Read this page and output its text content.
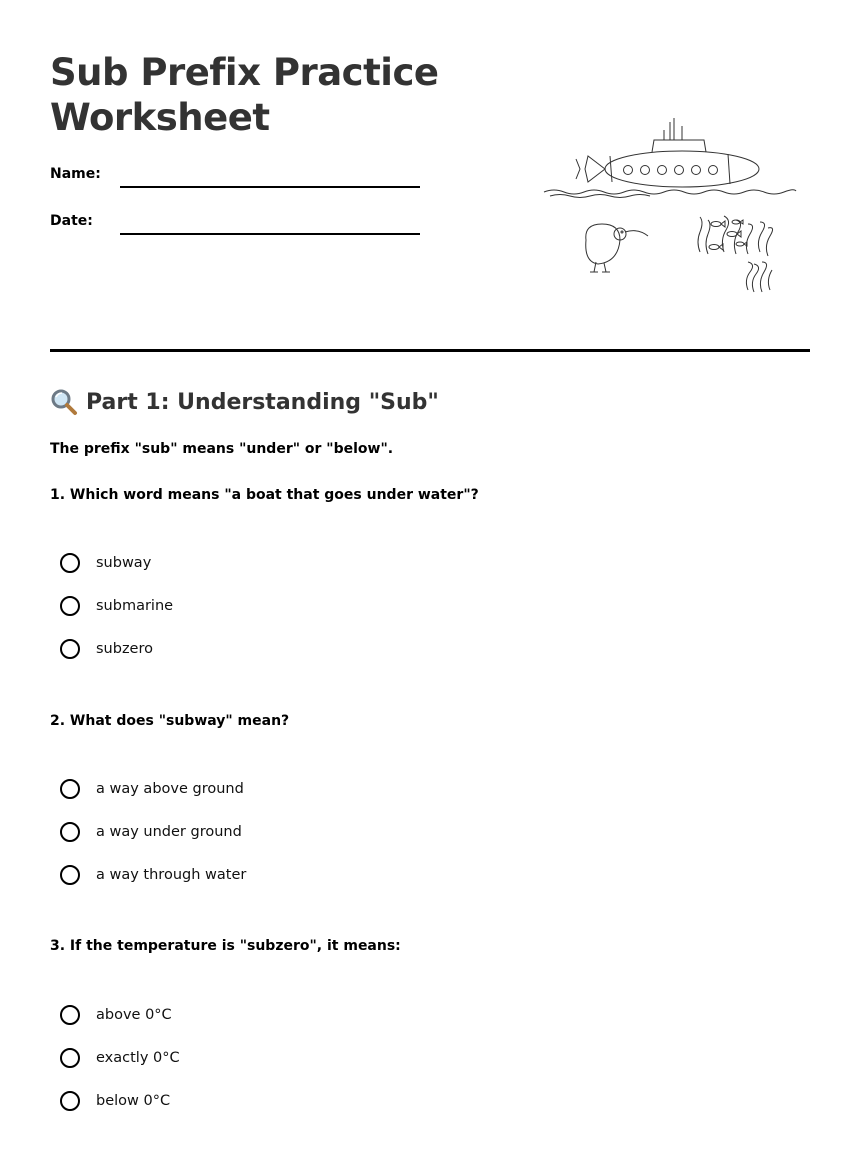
Sub Prefix Practice
Worksheet
Name:
Date:
Part 1: Understanding "Sub"
The prefix "sub" means "under" or "below".
1. Which word means "a boat that goes under water"?
subway
submarine
subzero
2. What does "subway" mean?
a way above ground
a way under ground
a way through water
3. If the temperature is "subzero", it means:
above 0°C
exactly 0°C
below 0°C
